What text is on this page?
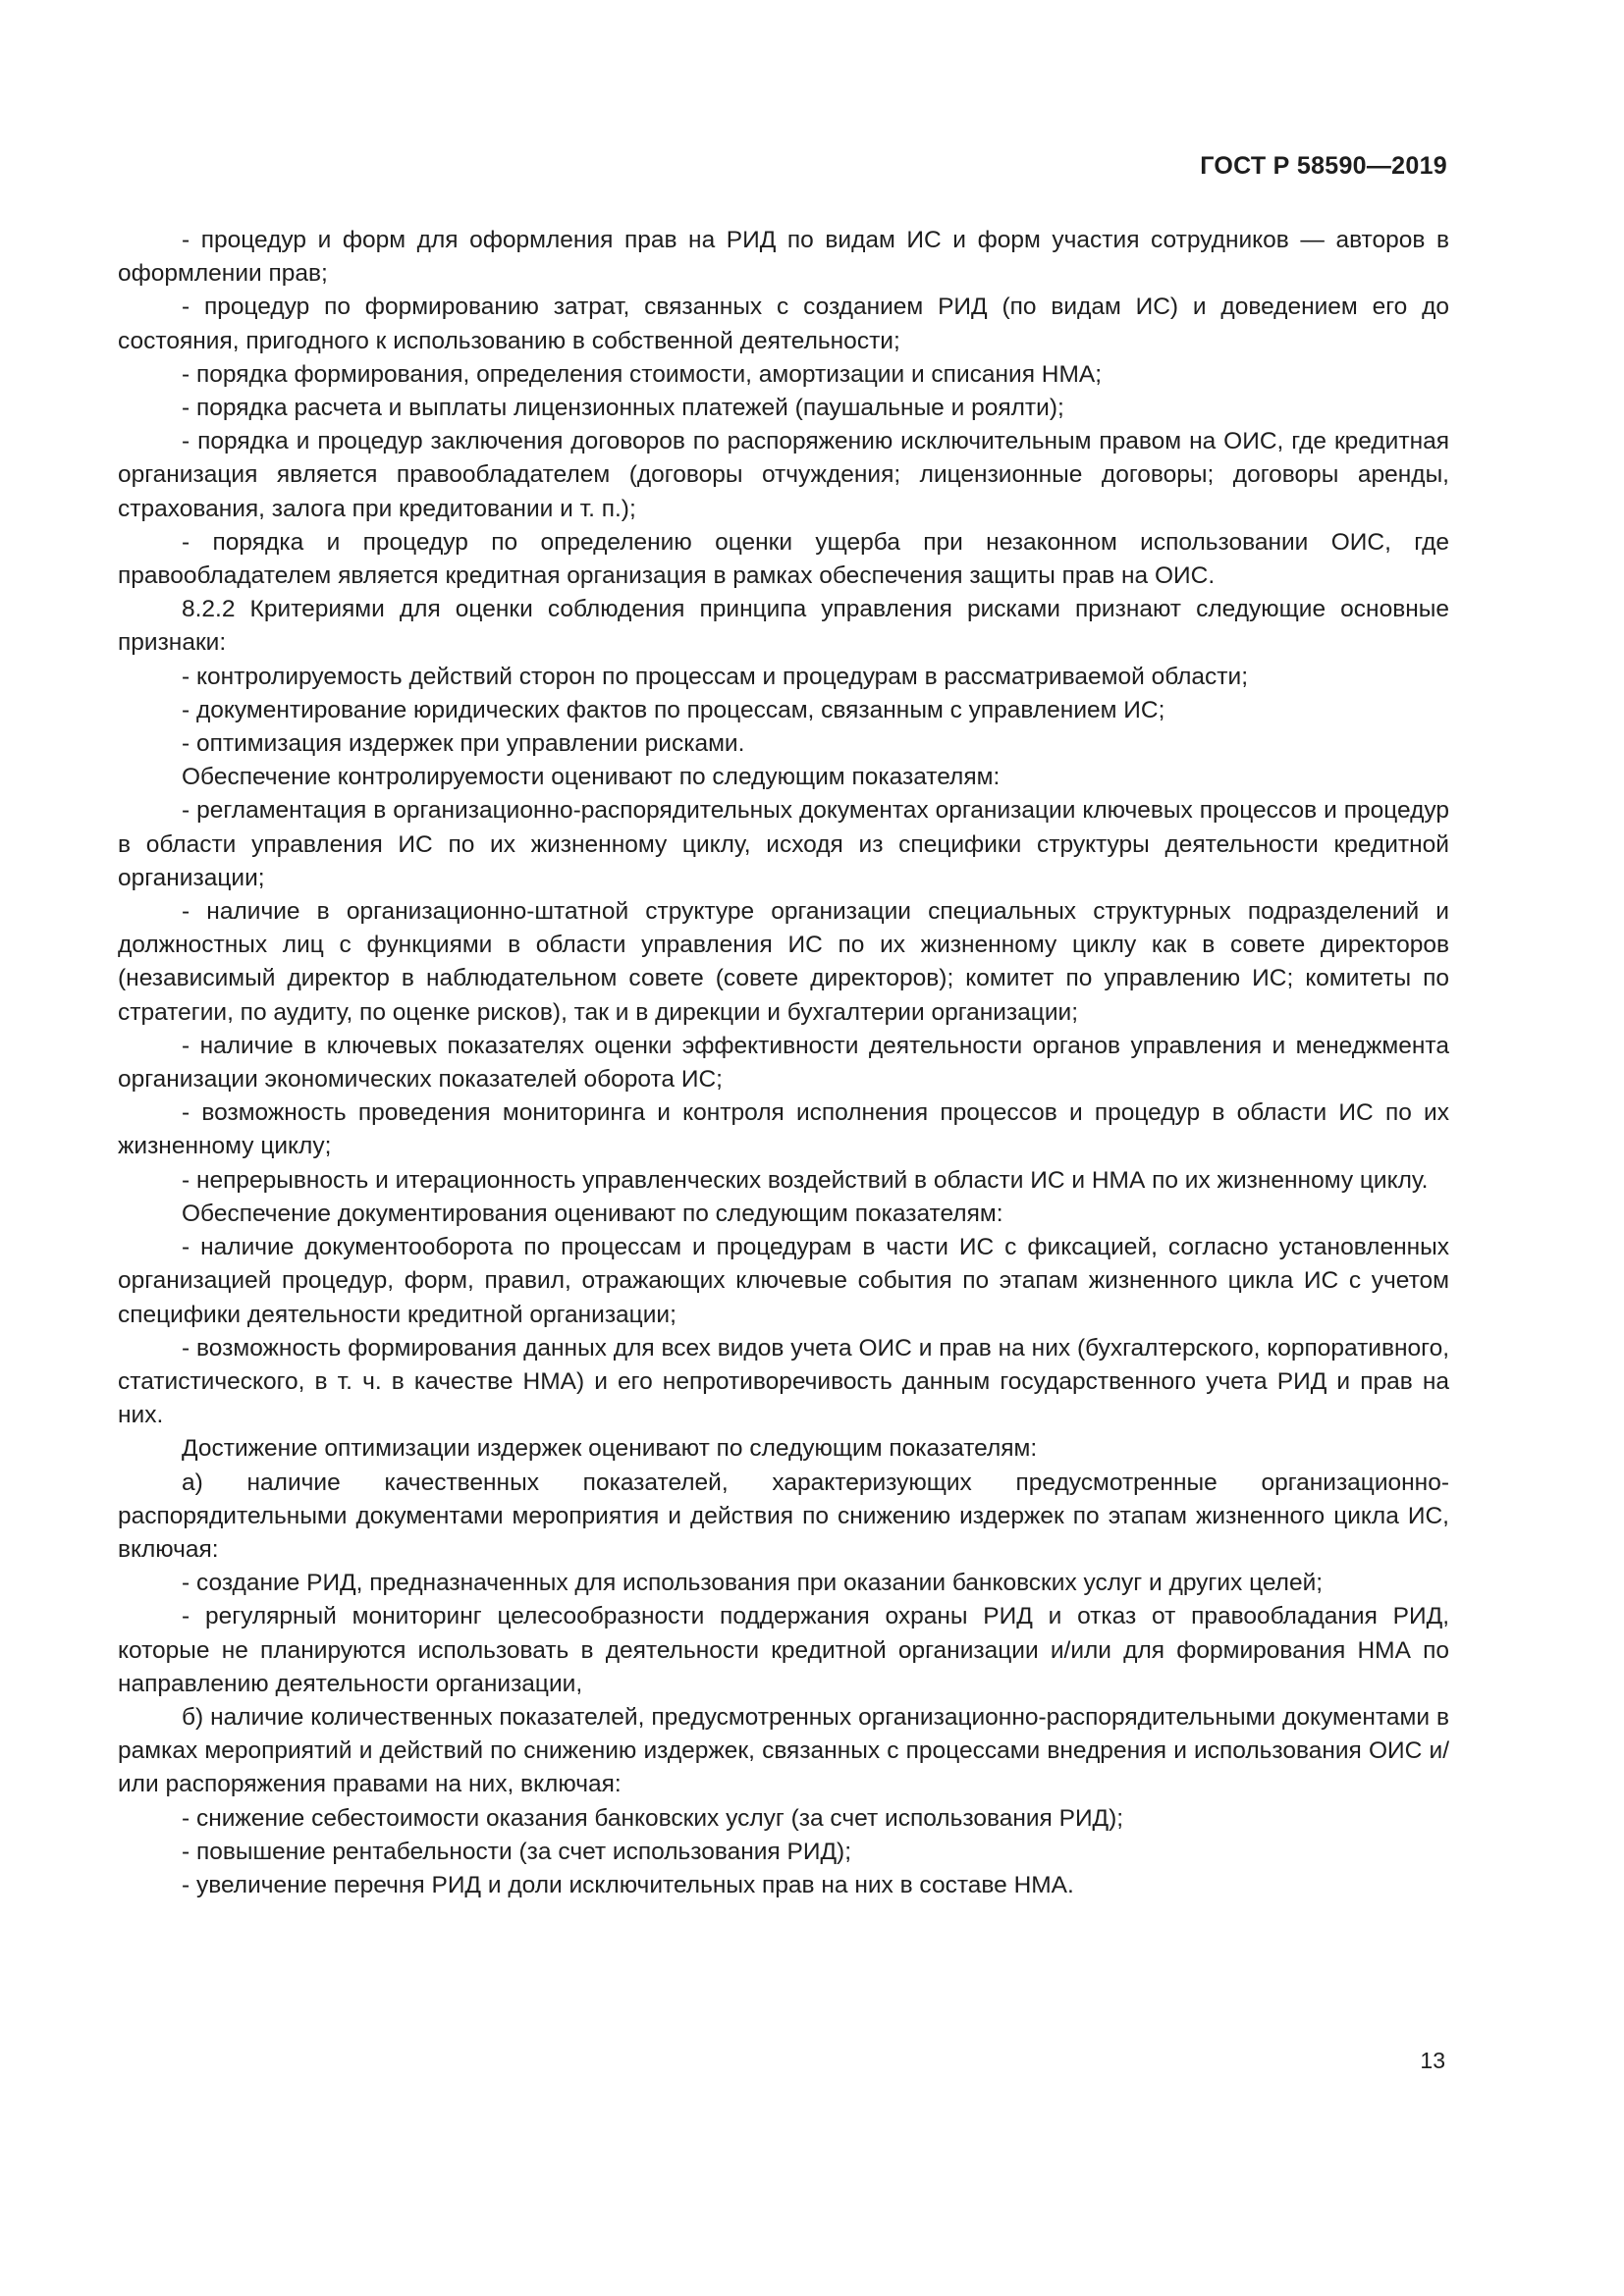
ГОСТ Р 58590—2019

- процедур и форм для оформления прав на РИД по видам ИС и форм участия сотрудников — авторов в оформлении прав;

- процедур по формированию затрат, связанных с созданием РИД (по видам ИС) и доведением его до состояния, пригодного к использованию в собственной деятельности;

- порядка формирования, определения стоимости, амортизации и списания НМА;

- порядка расчета и выплаты лицензионных платежей (паушальные и роялти);

- порядка и процедур заключения договоров по распоряжению исключительным правом на ОИС, где кредитная организация является правообладателем (договоры отчуждения; лицензионные договоры; договоры аренды, страхования, залога при кредитовании и т. п.);

- порядка и процедур по определению оценки ущерба при незаконном использовании ОИС, где правообладателем является кредитная организация в рамках обеспечения защиты прав на ОИС.

8.2.2 Критериями для оценки соблюдения принципа управления рисками признают следующие основные признаки:

- контролируемость действий сторон по процессам и процедурам в рассматриваемой области;

- документирование юридических фактов по процессам, связанным с управлением ИС;

- оптимизация издержек при управлении рисками.

Обеспечение контролируемости оценивают по следующим показателям:

- регламентация в организационно-распорядительных документах организации ключевых процессов и процедур в области управления ИС по их жизненному циклу, исходя из специфики структуры деятельности кредитной организации;

- наличие в организационно-штатной структуре организации специальных структурных подразделений и должностных лиц с функциями в области управления ИС по их жизненному циклу как в совете директоров (независимый директор в наблюдательном совете (совете директоров); комитет по управлению ИС; комитеты по стратегии, по аудиту, по оценке рисков), так и в дирекции и бухгалтерии организации;

- наличие в ключевых показателях оценки эффективности деятельности органов управления и менеджмента организации экономических показателей оборота ИС;

- возможность проведения мониторинга и контроля исполнения процессов и процедур в области ИС по их жизненному циклу;

- непрерывность и итерационность управленческих воздействий в области ИС и НМА по их жизненному циклу.

Обеспечение документирования оценивают по следующим показателям:

- наличие документооборота по процессам и процедурам в части ИС с фиксацией, согласно установленных организацией процедур, форм, правил, отражающих ключевые события по этапам жизненного цикла ИС с учетом специфики деятельности кредитной организации;

- возможность формирования данных для всех видов учета ОИС и прав на них (бухгалтерского, корпоративного, статистического, в т. ч. в качестве НМА) и его непротиворечивость данным государственного учета РИД и прав на них.

Достижение оптимизации издержек оценивают по следующим показателям:

а) наличие качественных показателей, характеризующих предусмотренные организационно-распорядительными документами мероприятия и действия по снижению издержек по этапам жизненного цикла ИС, включая:

- создание РИД, предназначенных для использования при оказании банковских услуг и других целей;

- регулярный мониторинг целесообразности поддержания охраны РИД и отказ от правообладания РИД, которые не планируются использовать в деятельности кредитной организации и/или для формирования НМА по направлению деятельности организации,

б) наличие количественных показателей, предусмотренных организационно-распорядительными документами в рамках мероприятий и действий по снижению издержек, связанных с процессами внедрения и использования ОИС и/или распоряжения правами на них, включая:

- снижение себестоимости оказания банковских услуг (за счет использования РИД);

- повышение рентабельности (за счет использования РИД);

- увеличение перечня РИД и доли исключительных прав на них в составе НМА.

13
